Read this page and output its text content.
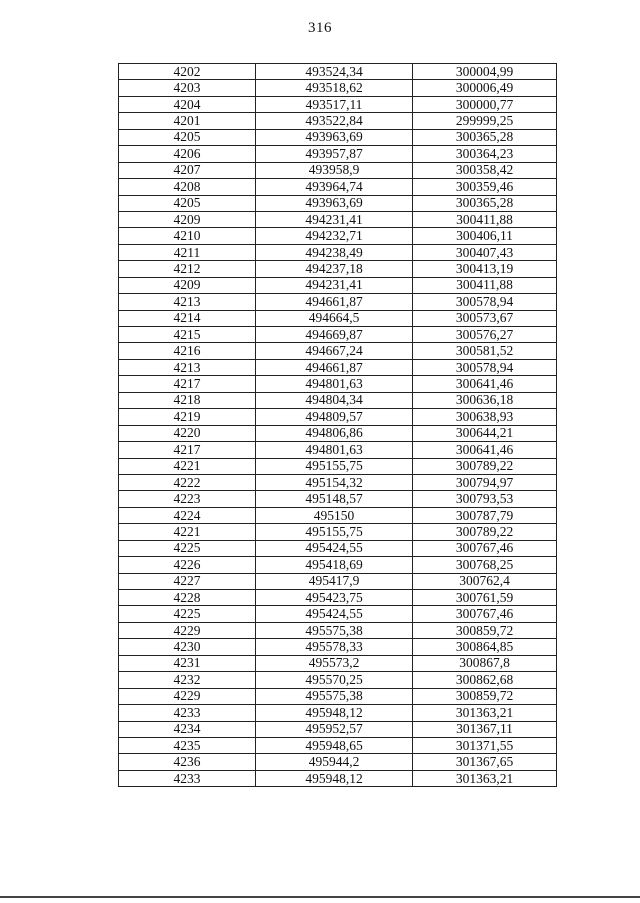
316
4202	493524,34	300004,99
4203	493518,62	300006,49
4204	493517,11	300000,77
4201	493522,84	299999,25
4205	493963,69	300365,28
4206	493957,87	300364,23
4207	493958,9	300358,42
4208	493964,74	300359,46
4205	493963,69	300365,28
4209	494231,41	300411,88
4210	494232,71	300406,11
4211	494238,49	300407,43
4212	494237,18	300413,19
4209	494231,41	300411,88
4213	494661,87	300578,94
4214	494664,5	300573,67
4215	494669,87	300576,27
4216	494667,24	300581,52
4213	494661,87	300578,94
4217	494801,63	300641,46
4218	494804,34	300636,18
4219	494809,57	300638,93
4220	494806,86	300644,21
4217	494801,63	300641,46
4221	495155,75	300789,22
4222	495154,32	300794,97
4223	495148,57	300793,53
4224	495150	300787,79
4221	495155,75	300789,22
4225	495424,55	300767,46
4226	495418,69	300768,25
4227	495417,9	300762,4
4228	495423,75	300761,59
4225	495424,55	300767,46
4229	495575,38	300859,72
4230	495578,33	300864,85
4231	495573,2	300867,8
4232	495570,25	300862,68
4229	495575,38	300859,72
4233	495948,12	301363,21
4234	495952,57	301367,11
4235	495948,65	301371,55
4236	495944,2	301367,65
4233	495948,12	301363,21
